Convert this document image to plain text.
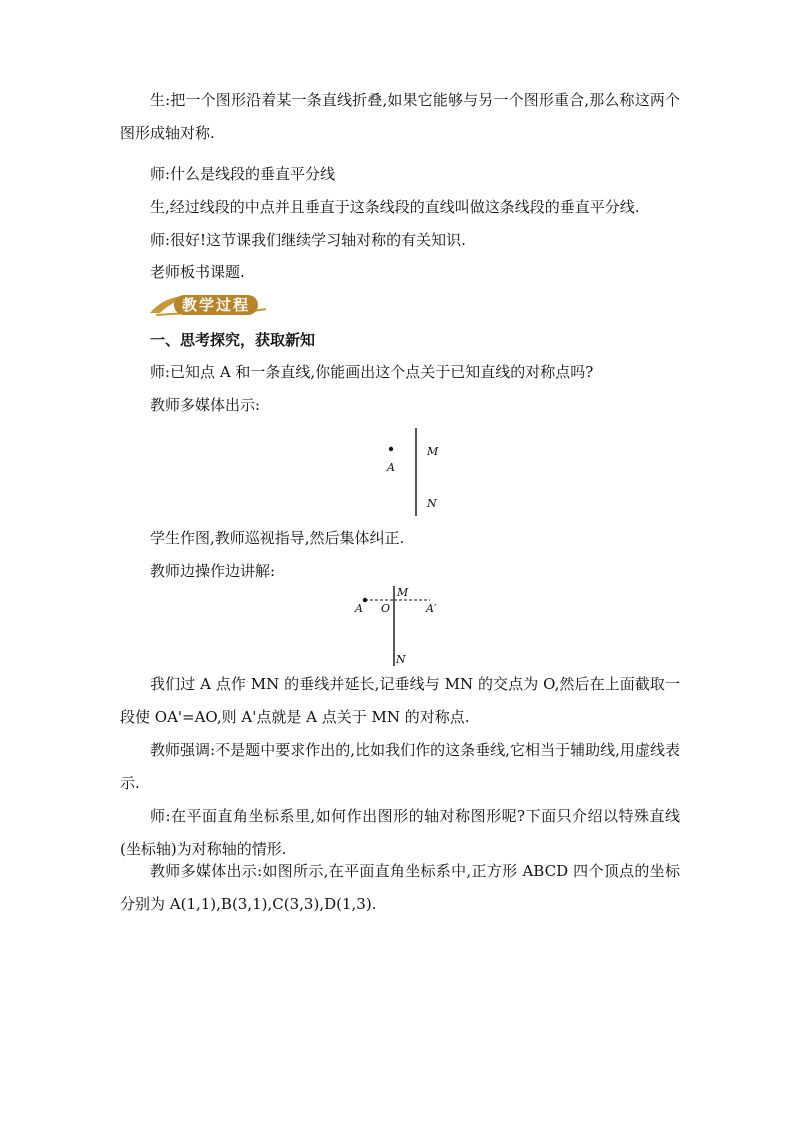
生:把一个图形沿着某一条直线折叠,如果它能够与另一个图形重合,那么称这两个图形成轴对称.

师:什么是线段的垂直平分线

生,经过线段的中点并且垂直于这条线段的直线叫做这条线段的垂直平分线.

师:很好!这节课我们继续学习轴对称的有关知识.

老师板书课题.

教学过程

一、思考探究，获取新知

师:已知点 A 和一条直线,你能画出这个点关于已知直线的对称点吗?

教师多媒体出示:

A
M
N

学生作图,教师巡视指导,然后集体纠正.

教师边操作边讲解:

A O	A′
M
N

我们过 A 点作 MN 的垂线并延长,记垂线与 MN 的交点为 O,然后在上面截取一段使 OA'=AO,则 A'点就是 A 点关于 MN 的对称点.

教师强调:不是题中要求作出的,比如我们作的这条垂线,它相当于辅助线,用虚线表示.

师:在平面直角坐标系里,如何作出图形的轴对称图形呢?下面只介绍以特殊直线(坐标轴)为对称轴的情形.

教师多媒体出示:如图所示,在平面直角坐标系中,正方形 ABCD 四个顶点的坐标分别为 A(1,1),B(3,1),C(3,3),D(1,3).
